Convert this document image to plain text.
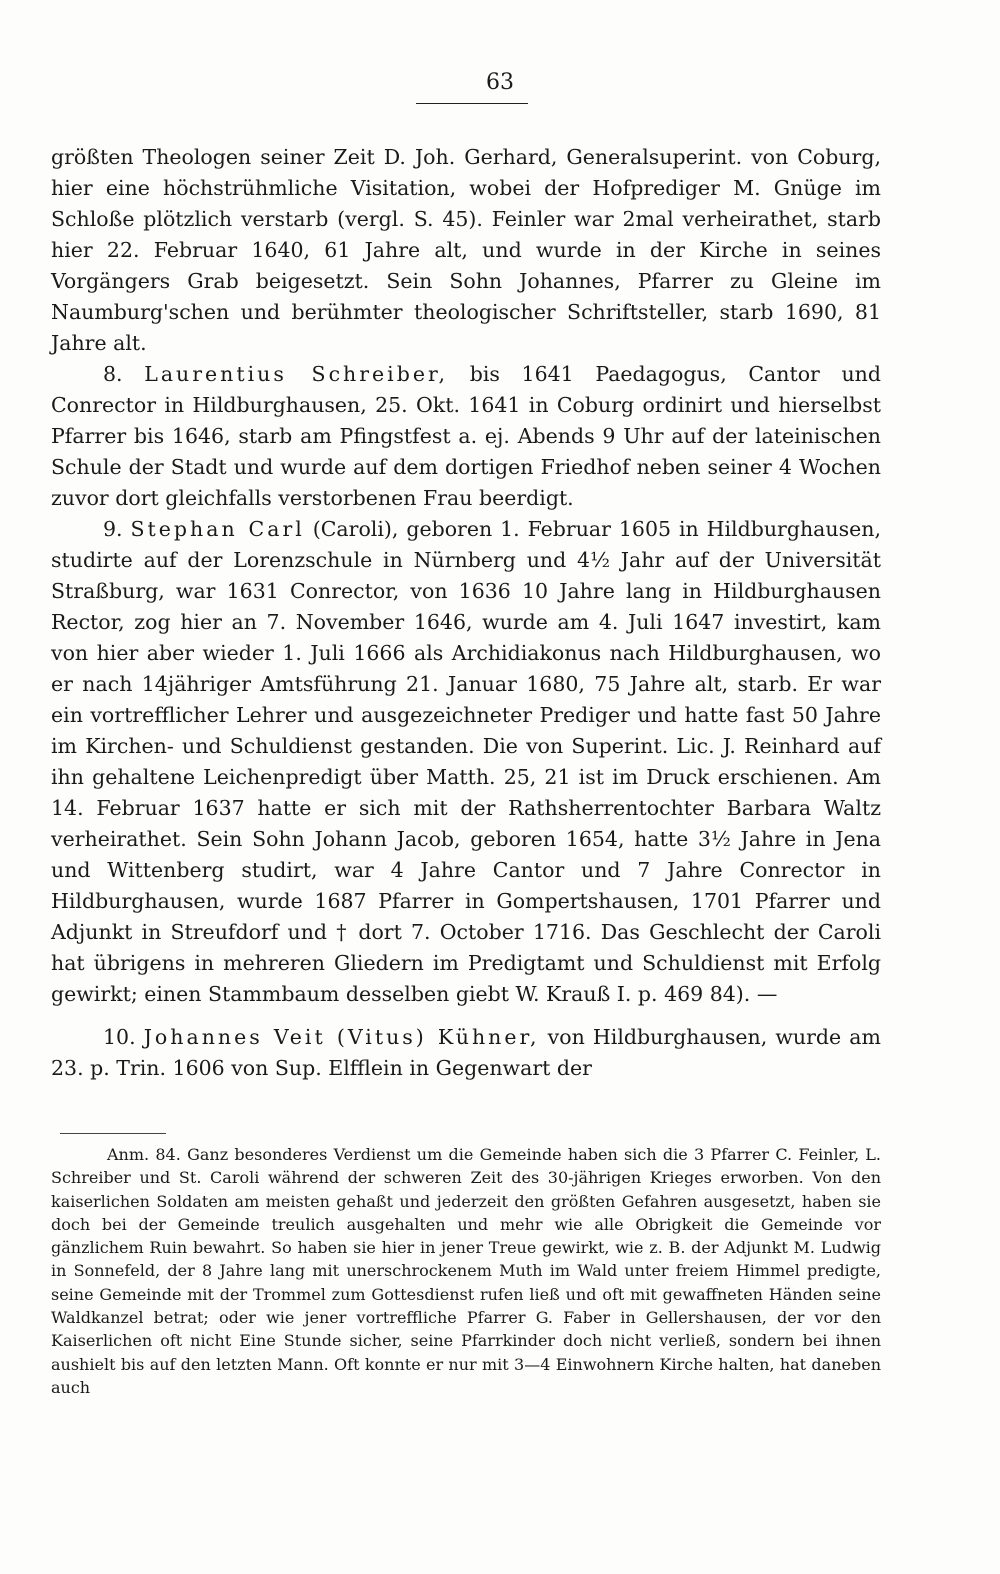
63

größten Theologen seiner Zeit D. Joh. Gerhard, Generalsuperint. von Coburg, hier eine höchstrühmliche Visitation, wobei der Hofprediger M. Gnüge im Schloße plötzlich verstarb (vergl. S. 45). Feinler war 2mal verheirathet, starb hier 22. Februar 1640, 61 Jahre alt, und wurde in der Kirche in seines Vorgängers Grab beigesetzt. Sein Sohn Johannes, Pfarrer zu Gleine im Naumburg'schen und berühmter theologischer Schriftsteller, starb 1690, 81 Jahre alt.

8. Laurentius Schreiber, bis 1641 Paedagogus, Cantor und Conrector in Hildburghausen, 25. Okt. 1641 in Coburg ordinirt und hierselbst Pfarrer bis 1646, starb am Pfingstfest a. ej. Abends 9 Uhr auf der lateinischen Schule der Stadt und wurde auf dem dortigen Friedhof neben seiner 4 Wochen zuvor dort gleichfalls verstorbenen Frau beerdigt.

9. Stephan Carl (Caroli), geboren 1. Februar 1605 in Hildburghausen, studirte auf der Lorenzschule in Nürnberg und 4½ Jahr auf der Universität Straßburg, war 1631 Conrector, von 1636 10 Jahre lang in Hildburghausen Rector, zog hier an 7. November 1646, wurde am 4. Juli 1647 investirt, kam von hier aber wieder 1. Juli 1666 als Archidiakonus nach Hildburghausen, wo er nach 14jähriger Amtsführung 21. Januar 1680, 75 Jahre alt, starb. Er war ein vortrefflicher Lehrer und ausgezeichneter Prediger und hatte fast 50 Jahre im Kirchen- und Schuldienst gestanden. Die von Superint. Lic. J. Reinhard auf ihn gehaltene Leichenpredigt über Matth. 25, 21 ist im Druck erschienen. Am 14. Februar 1637 hatte er sich mit der Rathsherrentochter Barbara Waltz verheirathet. Sein Sohn Johann Jacob, geboren 1654, hatte 3½ Jahre in Jena und Wittenberg studirt, war 4 Jahre Cantor und 7 Jahre Conrector in Hildburghausen, wurde 1687 Pfarrer in Gompertshausen, 1701 Pfarrer und Adjunkt in Streufdorf und † dort 7. October 1716. Das Geschlecht der Caroli hat übrigens in mehreren Gliedern im Predigtamt und Schuldienst mit Erfolg gewirkt; einen Stammbaum desselben giebt W. Krauß I. p. 469 84). —

10. Johannes Veit (Vitus) Kühner, von Hildburghausen, wurde am 23. p. Trin. 1606 von Sup. Elfflein in Gegenwart der

Anm. 84. Ganz besonderes Verdienst um die Gemeinde haben sich die 3 Pfarrer C. Feinler, L. Schreiber und St. Caroli während der schweren Zeit des 30-jährigen Krieges erworben. Von den kaiserlichen Soldaten am meisten gehaßt und jederzeit den größten Gefahren ausgesetzt, haben sie doch bei der Gemeinde treulich ausgehalten und mehr wie alle Obrigkeit die Gemeinde vor gänzlichem Ruin bewahrt. So haben sie hier in jener Treue gewirkt, wie z. B. der Adjunkt M. Ludwig in Sonnefeld, der 8 Jahre lang mit unerschrockenem Muth im Wald unter freiem Himmel predigte, seine Gemeinde mit der Trommel zum Gottesdienst rufen ließ und oft mit gewaffneten Händen seine Waldkanzel betrat; oder wie jener vortreffliche Pfarrer G. Faber in Gellershausen, der vor den Kaiserlichen oft nicht Eine Stunde sicher, seine Pfarrkinder doch nicht verließ, sondern bei ihnen aushielt bis auf den letzten Mann. Oft konnte er nur mit 3—4 Einwohnern Kirche halten, hat daneben auch
